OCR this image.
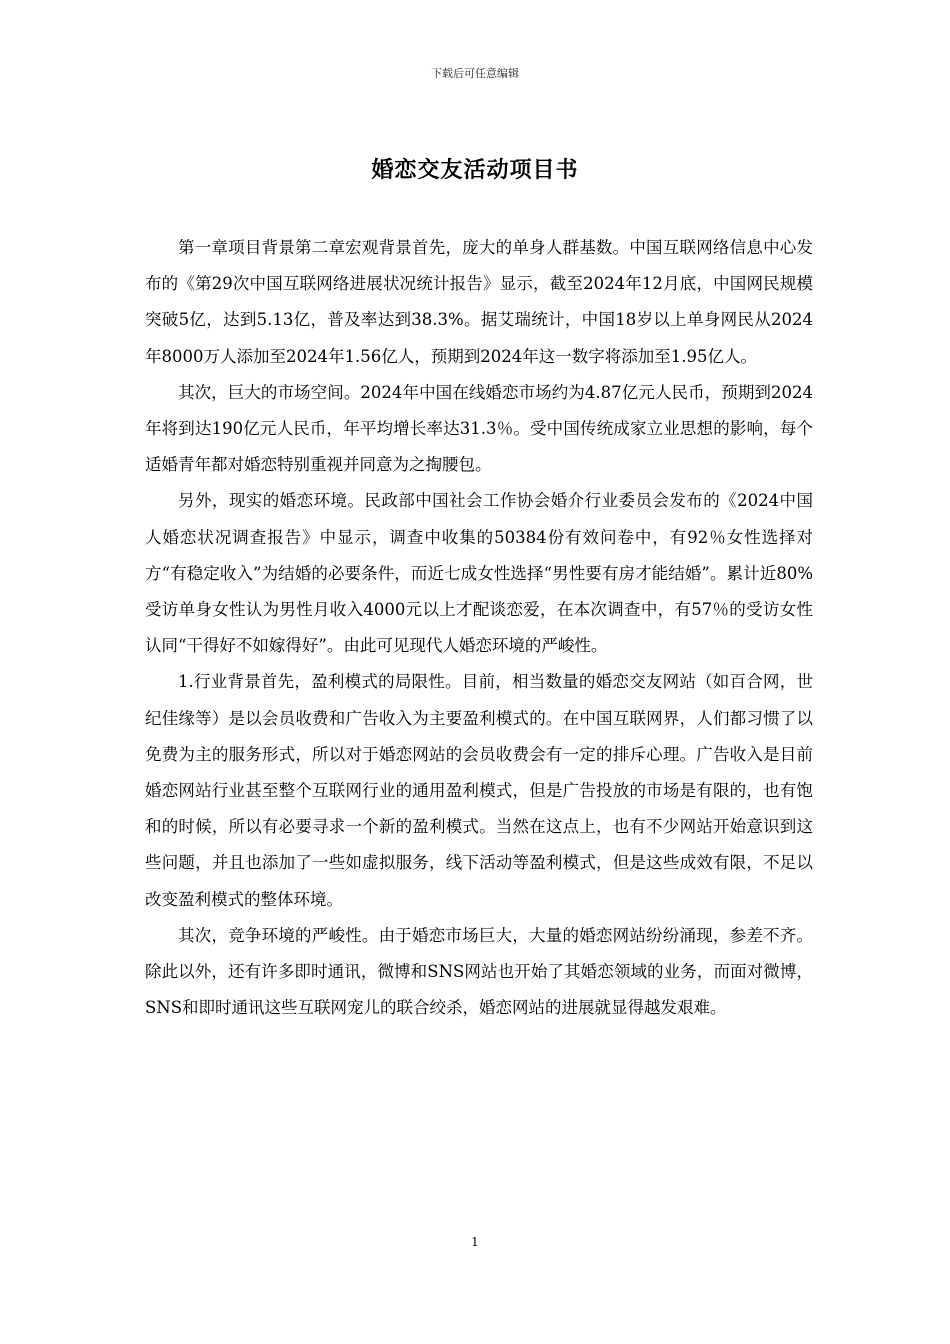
下载后可任意编辑
婚恋交友活动项目书

第一章项目背景第二章宏观背景首先，庞大的单身人群基数。中国互联网络信息中心发布的《第29次中国互联网络进展状况统计报告》显示，截至2024年12月底，中国网民规模突破5亿，达到5.13亿，普及率达到38.3%。据艾瑞统计，中国18岁以上单身网民从2024年8000万人添加至2024年1.56亿人，预期到2024年这一数字将添加至1.95亿人。

其次，巨大的市场空间。2024年中国在线婚恋市场约为4.87亿元人民币，预期到2024年将到达190亿元人民币，年平均增长率达31.3％。受中国传统成家立业思想的影响，每个适婚青年都对婚恋特别重视并同意为之掏腰包。

另外，现实的婚恋环境。民政部中国社会工作协会婚介行业委员会发布的《2024中国人婚恋状况调查报告》中显示，调查中收集的50384份有效问卷中，有92％女性选择对方“有稳定收入”为结婚的必要条件，而近七成女性选择“男性要有房才能结婚”。累计近80%受访单身女性认为男性月收入4000元以上才配谈恋爱，在本次调查中，有57％的受访女性认同“干得好不如嫁得好”。由此可见现代人婚恋环境的严峻性。

1.行业背景首先，盈利模式的局限性。目前，相当数量的婚恋交友网站（如百合网，世纪佳缘等）是以会员收费和广告收入为主要盈利模式的。在中国互联网界，人们都习惯了以免费为主的服务形式，所以对于婚恋网站的会员收费会有一定的排斥心理。广告收入是目前婚恋网站行业甚至整个互联网行业的通用盈利模式，但是广告投放的市场是有限的，也有饱和的时候，所以有必要寻求一个新的盈利模式。当然在这点上，也有不少网站开始意识到这些问题，并且也添加了一些如虚拟服务，线下活动等盈利模式，但是这些成效有限，不足以改变盈利模式的整体环境。

其次，竞争环境的严峻性。由于婚恋市场巨大，大量的婚恋网站纷纷涌现，参差不齐。除此以外，还有许多即时通讯，微博和SNS网站也开始了其婚恋领域的业务，而面对微博，SNS和即时通讯这些互联网宠儿的联合绞杀，婚恋网站的进展就显得越发艰难。

1
